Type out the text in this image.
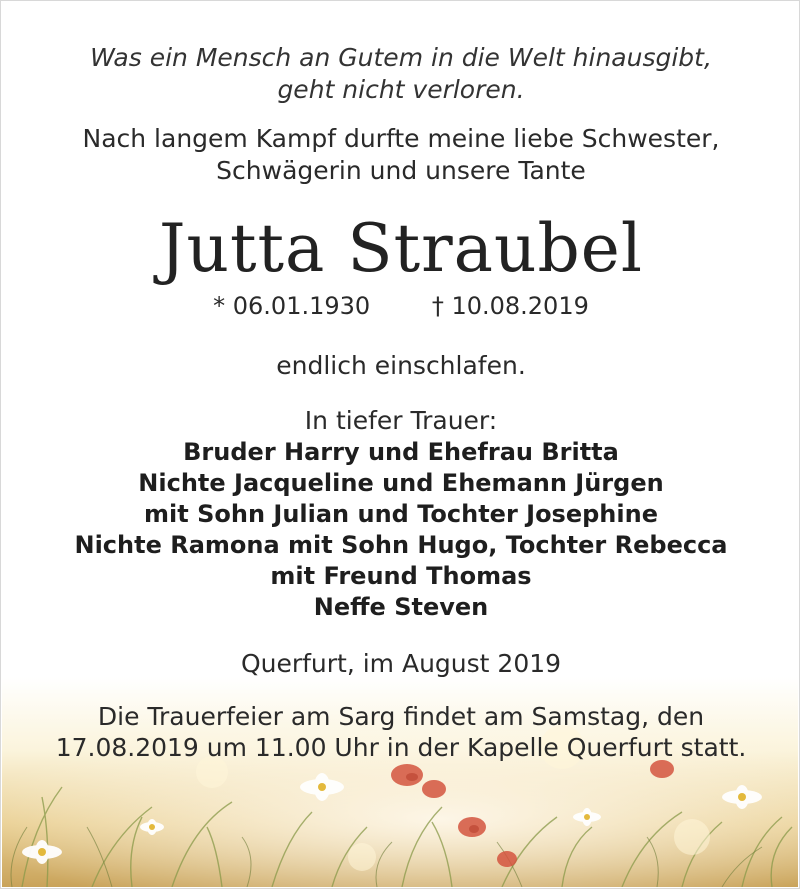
Was ein Mensch an Gutem in die Welt hinausgibt,
geht nicht verloren.
Nach langem Kampf durfte meine liebe Schwester,
Schwägerin und unsere Tante
Jutta Straubel
* 06.01.1930	† 10.08.2019
endlich einschlafen.
In tiefer Trauer:
Bruder Harry und Ehefrau Britta
Nichte Jacqueline und Ehemann Jürgen
mit Sohn Julian und Tochter Josephine
Nichte Ramona mit Sohn Hugo, Tochter Rebecca
mit Freund Thomas
Neffe Steven
Querfurt, im August 2019
Die Trauerfeier am Sarg findet am Samstag, den
17.08.2019 um 11.00 Uhr in der Kapelle Querfurt statt.
